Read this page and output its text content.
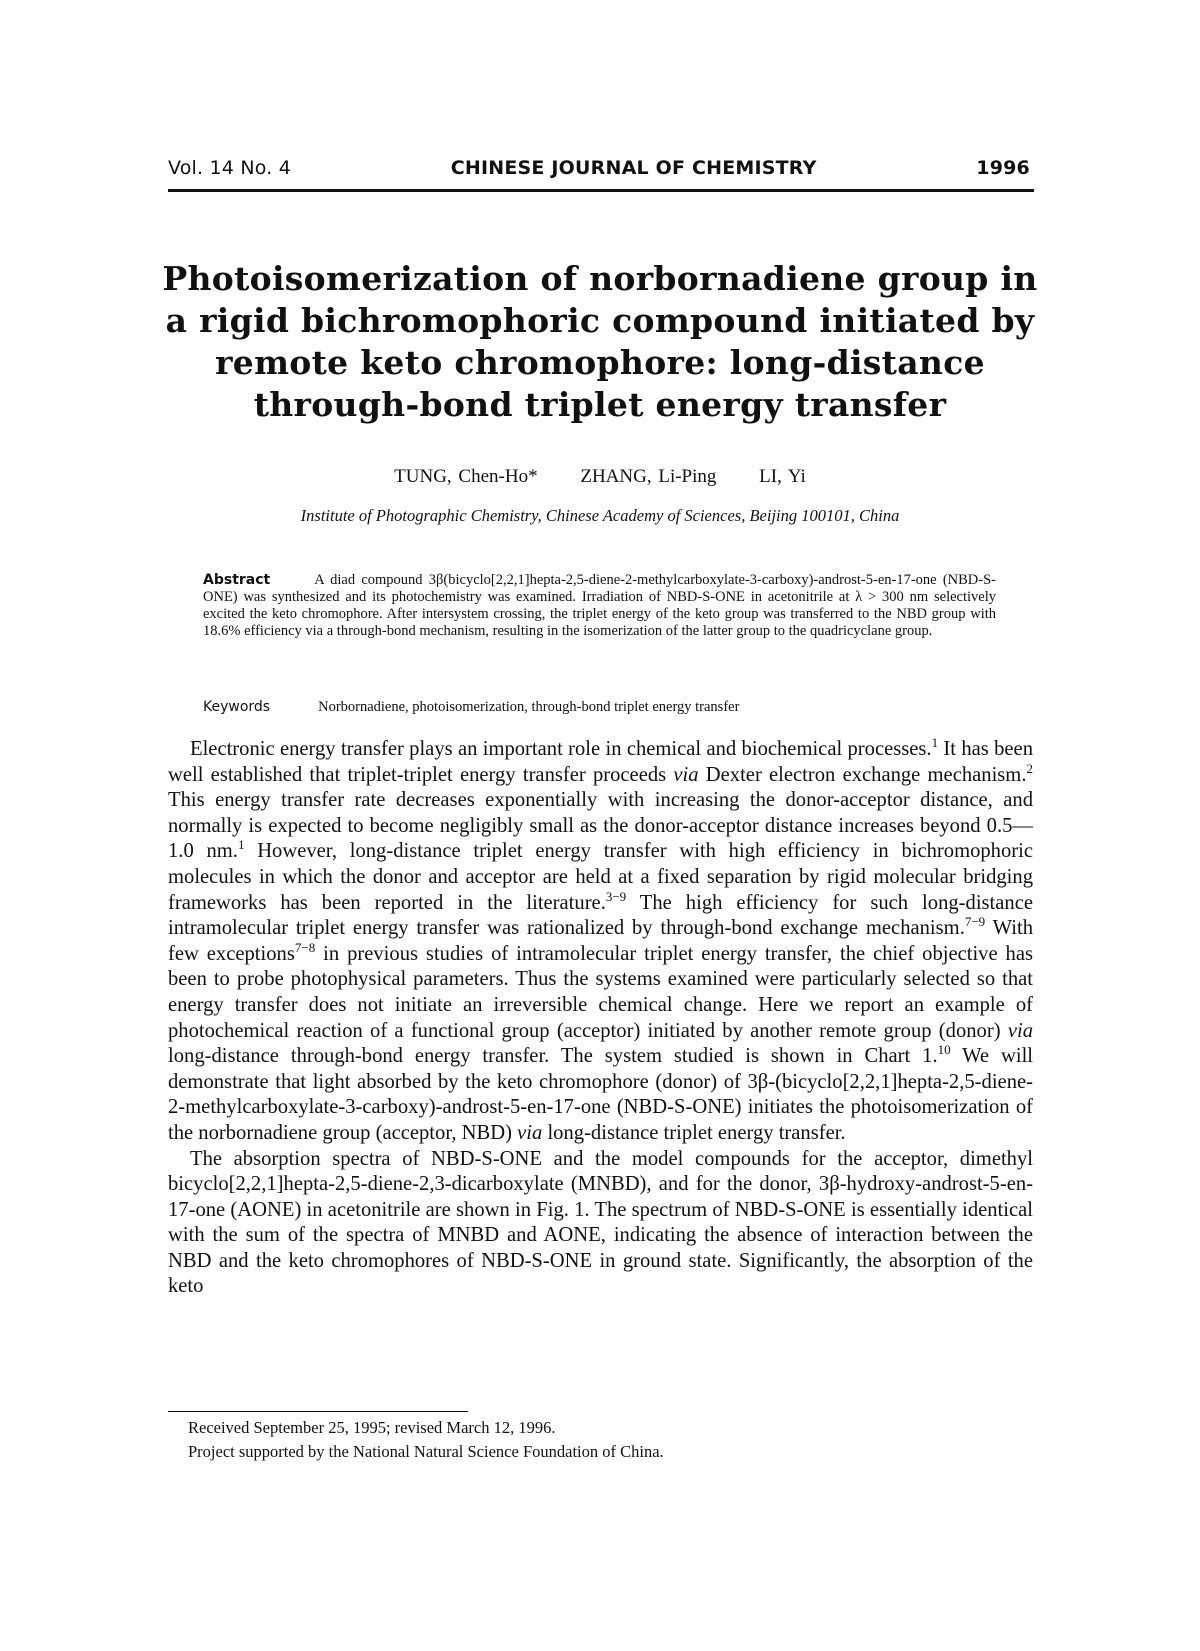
Vol. 14 No. 4	CHINESE JOURNAL OF CHEMISTRY	1996
Photoisomerization of norbornadiene group in
a rigid bichromophoric compound initiated by
remote keto chromophore: long-distance
through-bond triplet energy transfer
TUNG, Chen-Ho* ZHANG, Li-Ping LI, Yi
Institute of Photographic Chemistry, Chinese Academy of Sciences, Beijing 100101, China
Abstract	A diad compound 3β(bicyclo[2,2,1]hepta-2,5-diene-2-methylcarboxylate-3-carboxy)-androst-5-en-17-one (NBD-S-ONE) was synthesized and its photochemistry was examined. Irradiation of NBD-S-ONE in acetonitrile at λ > 300 nm selectively excited the keto chromophore. After intersystem crossing, the triplet energy of the keto group was transferred to the NBD group with 18.6% efficiency via a through-bond mechanism, resulting in the isomerization of the latter group to the quadricyclane group.
Keywords	Norbornadiene, photoisomerization, through-bond triplet energy transfer

Electronic energy transfer plays an important role in chemical and biochemical processes.$^1$ It has been well established that triplet-triplet energy transfer proceeds via Dexter electron exchange mechanism.$^2$ This energy transfer rate decreases exponentially with increasing the donor-acceptor distance, and normally is expected to become negligibly small as the donor-acceptor distance increases beyond 0.5—1.0 nm.$^1$ However, long-distance triplet energy transfer with high efficiency in bichromophoric molecules in which the donor and acceptor are held at a fixed separation by rigid molecular bridging frameworks has been reported in the literature.$^{3-9}$ The high efficiency for such long-distance intramolecular triplet energy transfer was rationalized by through-bond exchange mechanism.$^{7-9}$ With few exceptions$^{7-8}$ in previous studies of intramolecular triplet energy transfer, the chief objective has been to probe photophysical parameters. Thus the systems examined were particularly selected so that energy transfer does not initiate an irreversible chemical change. Here we report an example of photochemical reaction of a functional group (acceptor) initiated by another remote group (donor) via long-distance through-bond energy transfer. The system studied is shown in Chart 1.10 We will demonstrate that light absorbed by the keto chromophore (donor) of 3β-(bicyclo[2,2,1]hepta-2,5-diene-2-methylcarboxylate-3-carboxy)-androst-5-en-17-one (NBD-S-ONE) initiates the photoisomerization of the norbornadiene group (acceptor, NBD) via long-distance triplet energy transfer.

The absorption spectra of NBD-S-ONE and the model compounds for the acceptor, dimethyl bicyclo[2,2,1]hepta-2,5-diene-2,3-dicarboxylate (MNBD), and for the donor, 3β-hydroxy-androst-5-en-17-one (AONE) in acetonitrile are shown in Fig. 1. The spectrum of NBD-S-ONE is essentially identical with the sum of the spectra of MNBD and AONE, indicating the absence of interaction between the NBD and the keto chromophores of NBD-S-ONE in ground state. Significantly, the absorption of the keto

Received September 25, 1995; revised March 12, 1996.
Project supported by the National Natural Science Foundation of China.
